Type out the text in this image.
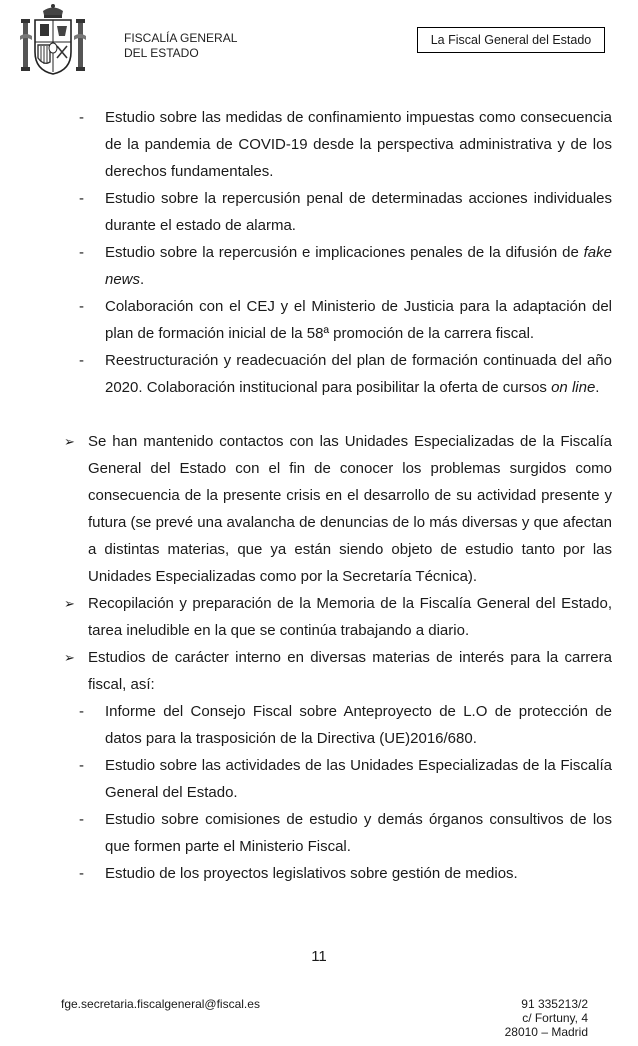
FISCALÍA GENERAL
DEL ESTADO
La Fiscal General del Estado
- Estudio sobre las medidas de confinamiento impuestas como consecuencia de la pandemia de COVID-19 desde la perspectiva administrativa y de los derechos fundamentales.
- Estudio sobre la repercusión penal de determinadas acciones individuales durante el estado de alarma.
- Estudio sobre la repercusión e implicaciones penales de la difusión de fake news.
- Colaboración con el CEJ y el Ministerio de Justicia para la adaptación del plan de formación inicial de la 58ª promoción de la carrera fiscal.
- Reestructuración y readecuación del plan de formación continuada del año 2020. Colaboración institucional para posibilitar la oferta de cursos on line.
➢ Se han mantenido contactos con las Unidades Especializadas de la Fiscalía General del Estado con el fin de conocer los problemas surgidos como consecuencia de la presente crisis en el desarrollo de su actividad presente y futura (se prevé una avalancha de denuncias de lo más diversas y que afectan a distintas materias, que ya están siendo objeto de estudio tanto por las Unidades Especializadas como por la Secretaría Técnica).
➢ Recopilación y preparación de la Memoria de la Fiscalía General del Estado, tarea ineludible en la que se continúa trabajando a diario.
➢ Estudios de carácter interno en diversas materias de interés para la carrera fiscal, así:
- Informe del Consejo Fiscal sobre Anteproyecto de L.O de protección de datos para la trasposición de la Directiva (UE)2016/680.
- Estudio sobre las actividades de las Unidades Especializadas de la Fiscalía General del Estado.
- Estudio sobre comisiones de estudio y demás órganos consultivos de los que formen parte el Ministerio Fiscal.
- Estudio de los proyectos legislativos sobre gestión de medios.
11
fge.secretaria.fiscalgeneral@fiscal.es	91 335213/2
c/ Fortuny, 4
28010 – Madrid
